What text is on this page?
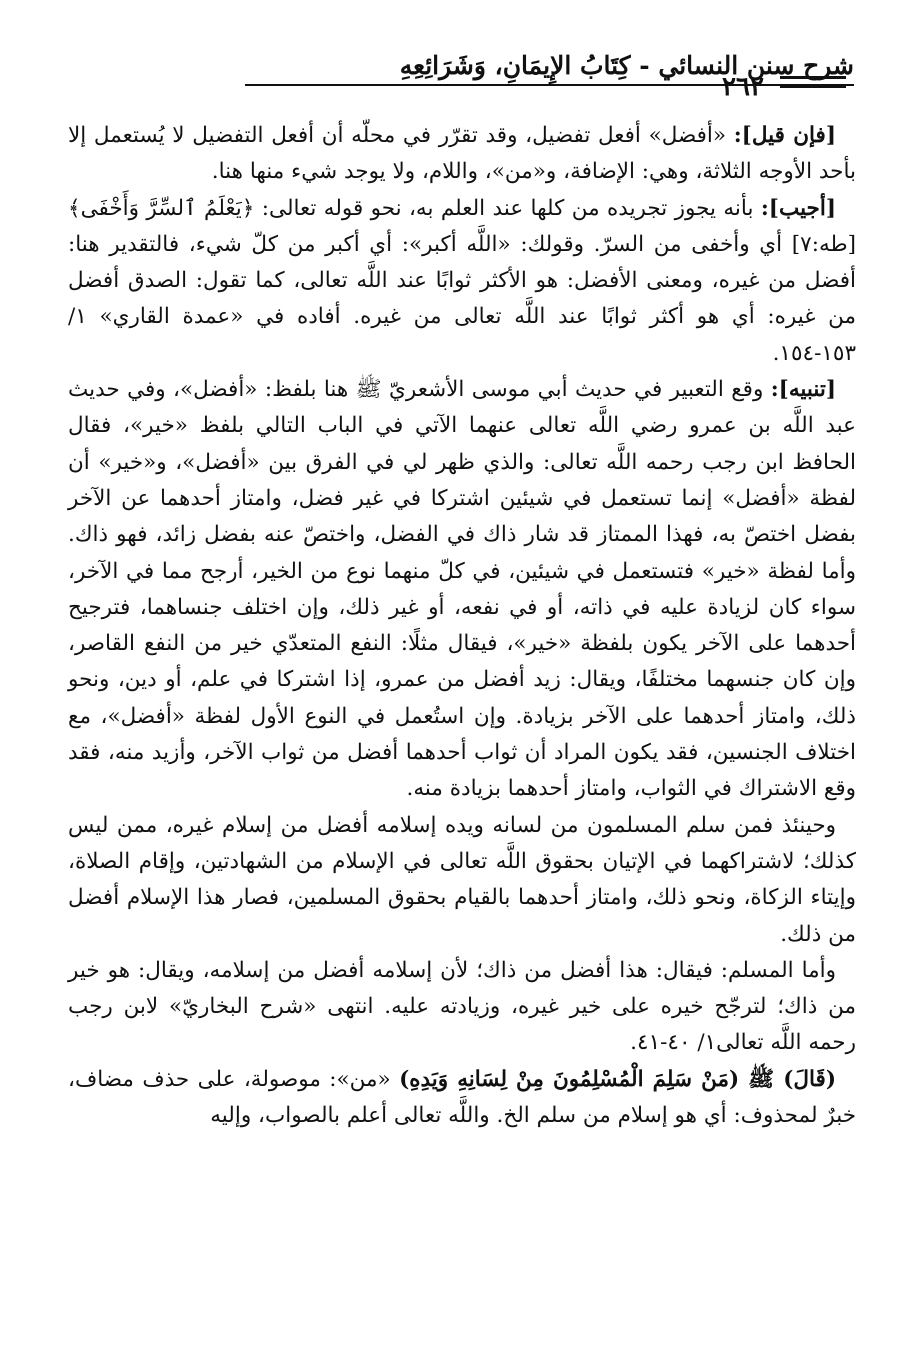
شرح سنن النسائي - كِتَابُ الإِيمَانِ، وَشَرَائِعِهِ
٢٦٢

[فإن قيل]: «أفضل» أفعل تفضيل، وقد تقرّر في محلّه أن أفعل التفضيل لا يُستعمل إلا بأحد الأوجه الثلاثة، وهي: الإضافة، و«من»، واللام، ولا يوجد شيء منها هنا.

[أجيب]: بأنه يجوز تجريده من كلها عند العلم به، نحو قوله تعالى: ﴿يَعْلَمُ ٱلسِّرَّ وَأَخْفَى﴾ [طه:٧] أي وأخفى من السرّ. وقولك: «اللَّه أكبر»: أي أكبر من كلّ شيء، فالتقدير هنا: أفضل من غيره، ومعنى الأفضل: هو الأكثر ثوابًا عند اللَّه تعالى، كما تقول: الصدق أفضل من غيره: أي هو أكثر ثوابًا عند اللَّه تعالى من غيره. أفاده في «عمدة القاري» ١/ ١٥٣-١٥٤.

[تنبيه]: وقع التعبير في حديث أبي موسى الأشعريّ ﷺ هنا بلفظ: «أفضل»، وفي حديث عبد اللَّه بن عمرو رضي اللَّه تعالى عنهما الآتي في الباب التالي بلفظ «خير»، فقال الحافظ ابن رجب رحمه اللَّه تعالى: والذي ظهر لي في الفرق بين «أفضل»، و«خير» أن لفظة «أفضل» إنما تستعمل في شيئين اشتركا في غير فضل، وامتاز أحدهما عن الآخر بفضل اختصّ به، فهذا الممتاز قد شار ذاك في الفضل، واختصّ عنه بفضل زائد، فهو ذاك. وأما لفظة «خير» فتستعمل في شيئين، في كلّ منهما نوع من الخير، أرجح مما في الآخر، سواء كان لزيادة عليه في ذاته، أو في نفعه، أو غير ذلك، وإن اختلف جنساهما، فترجيح أحدهما على الآخر يكون بلفظة «خير»، فيقال مثلًا: النفع المتعدّي خير من النفع القاصر، وإن كان جنسهما مختلفًا، ويقال: زيد أفضل من عمرو، إذا اشتركا في علم، أو دين، ونحو ذلك، وامتاز أحدهما على الآخر بزيادة. وإن استُعمل في النوع الأول لفظة «أفضل»، مع اختلاف الجنسين، فقد يكون المراد أن ثواب أحدهما أفضل من ثواب الآخر، وأزيد منه، فقد وقع الاشتراك في الثواب، وامتاز أحدهما بزيادة منه.

وحينئذ فمن سلم المسلمون من لسانه ويده إسلامه أفضل من إسلام غيره، ممن ليس كذلك؛ لاشتراكهما في الإتيان بحقوق اللَّه تعالى في الإسلام من الشهادتين، وإقام الصلاة، وإيتاء الزكاة، ونحو ذلك، وامتاز أحدهما بالقيام بحقوق المسلمين، فصار هذا الإسلام أفضل من ذلك.

وأما المسلم: فيقال: هذا أفضل من ذاك؛ لأن إسلامه أفضل من إسلامه، ويقال: هو خير من ذاك؛ لترجّح خيره على خير غيره، وزيادته عليه. انتهى «شرح البخاريّ» لابن رجب رحمه اللَّه تعالى١/ ٤٠-٤١.

(قَالَ) ﷺ (مَنْ سَلِمَ الْمُسْلِمُونَ مِنْ لِسَانِهِ وَيَدِهِ) «من»: موصولة، على حذف مضاف، خبرٌ لمحذوف: أي هو إسلام من سلم الخ. واللَّه تعالى أعلم بالصواب، وإليه
